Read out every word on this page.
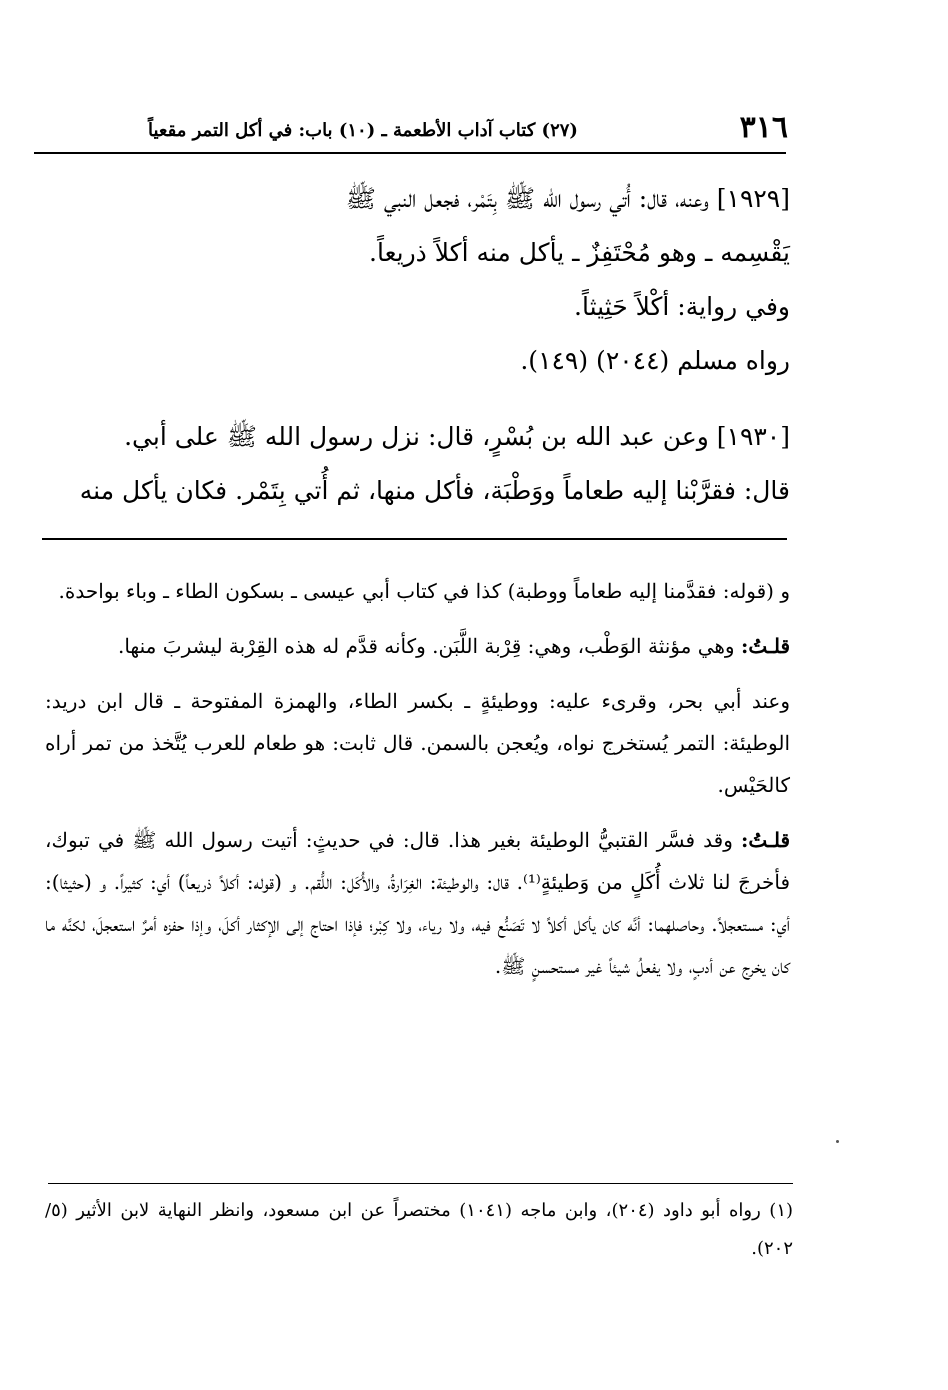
٣١٦
(٢٧) كتاب آداب الأطعمة ـ (١٠) باب: في أكل التمر مقعياً

[١٩٢٩] وعنه، قال: أُتي رسول الله ﷺ بِتَمْر، فجعل النبي ﷺ

يَقْسِمه ـ وهو مُحْتَفِزٌ ـ يأكل منه أكلاً ذريعاً.

وفي رواية: أكْلاً حَثِيثاً.

رواه مسلم (٢٠٤٤) (١٤٩).

[١٩٣٠] وعن عبد الله بن بُسْرٍ، قال: نزل رسول الله ﷺ على أبي.

قال: فقرَّبْنا إليه طعاماً ووَطْبَة، فأكل منها، ثم أُتي بِتَمْر. فكان يأكل منه

و (قوله: فقدَّمنا إليه طعاماً ووطبة) كذا في كتاب أبي عيسى ـ بسكون الطاء ـ وباء بواحدة.

قلـتُ: وهي مؤنثة الوَطْب، وهي: قِرْبة اللَّبَن. وكأنه قدَّم له هذه القِرْبة ليشربَ منها.

وعند أبي بحر، وقرىء عليه: ووطيئةٍ ـ بكسر الطاء، والهمزة المفتوحة ـ قال ابن دريد: الوطيئة: التمر يُستخرج نواه، ويُعجن بالسمن. قال ثابت: هو طعام للعرب يُتَّخذ من تمر أراه كالحَيْس.

قلـتُ: وقد فسَّر القتبيُّ الوطيئة بغير هذا. قال: في حديثٍ: أتيت رسول الله ﷺ في تبوك، فأخرجَ لنا ثلاث أُكَلٍ من وَطيئةٍ⁽¹⁾. قال: والوطيئة: الغِرَارةُ، والأُكَل: اللُّقم. و (قوله: أكلاً ذريعاً) أي: كثيراً. و (حثيثا): أي: مستعجلاً. وحاصلهما: أنَّه كان يأكل أكلاً لا تَصَنُّع فيه، ولا رياء، ولا كِبْر؛ فإذا احتاج إلى الإكثار أكلَ، وإذا حفزه أمرٌ استعجلَ، لكنَّه ما كان يخرج عن أدبٍ، ولا يفعلُ شيئاً غير مستحسنٍ ﷺ.

(١) رواه أبو داود (٢٠٤)، وابن ماجه (١٠٤١) مختصراً عن ابن مسعود، وانظر النهاية لابن الأثير (٥/ ٢٠٢).
